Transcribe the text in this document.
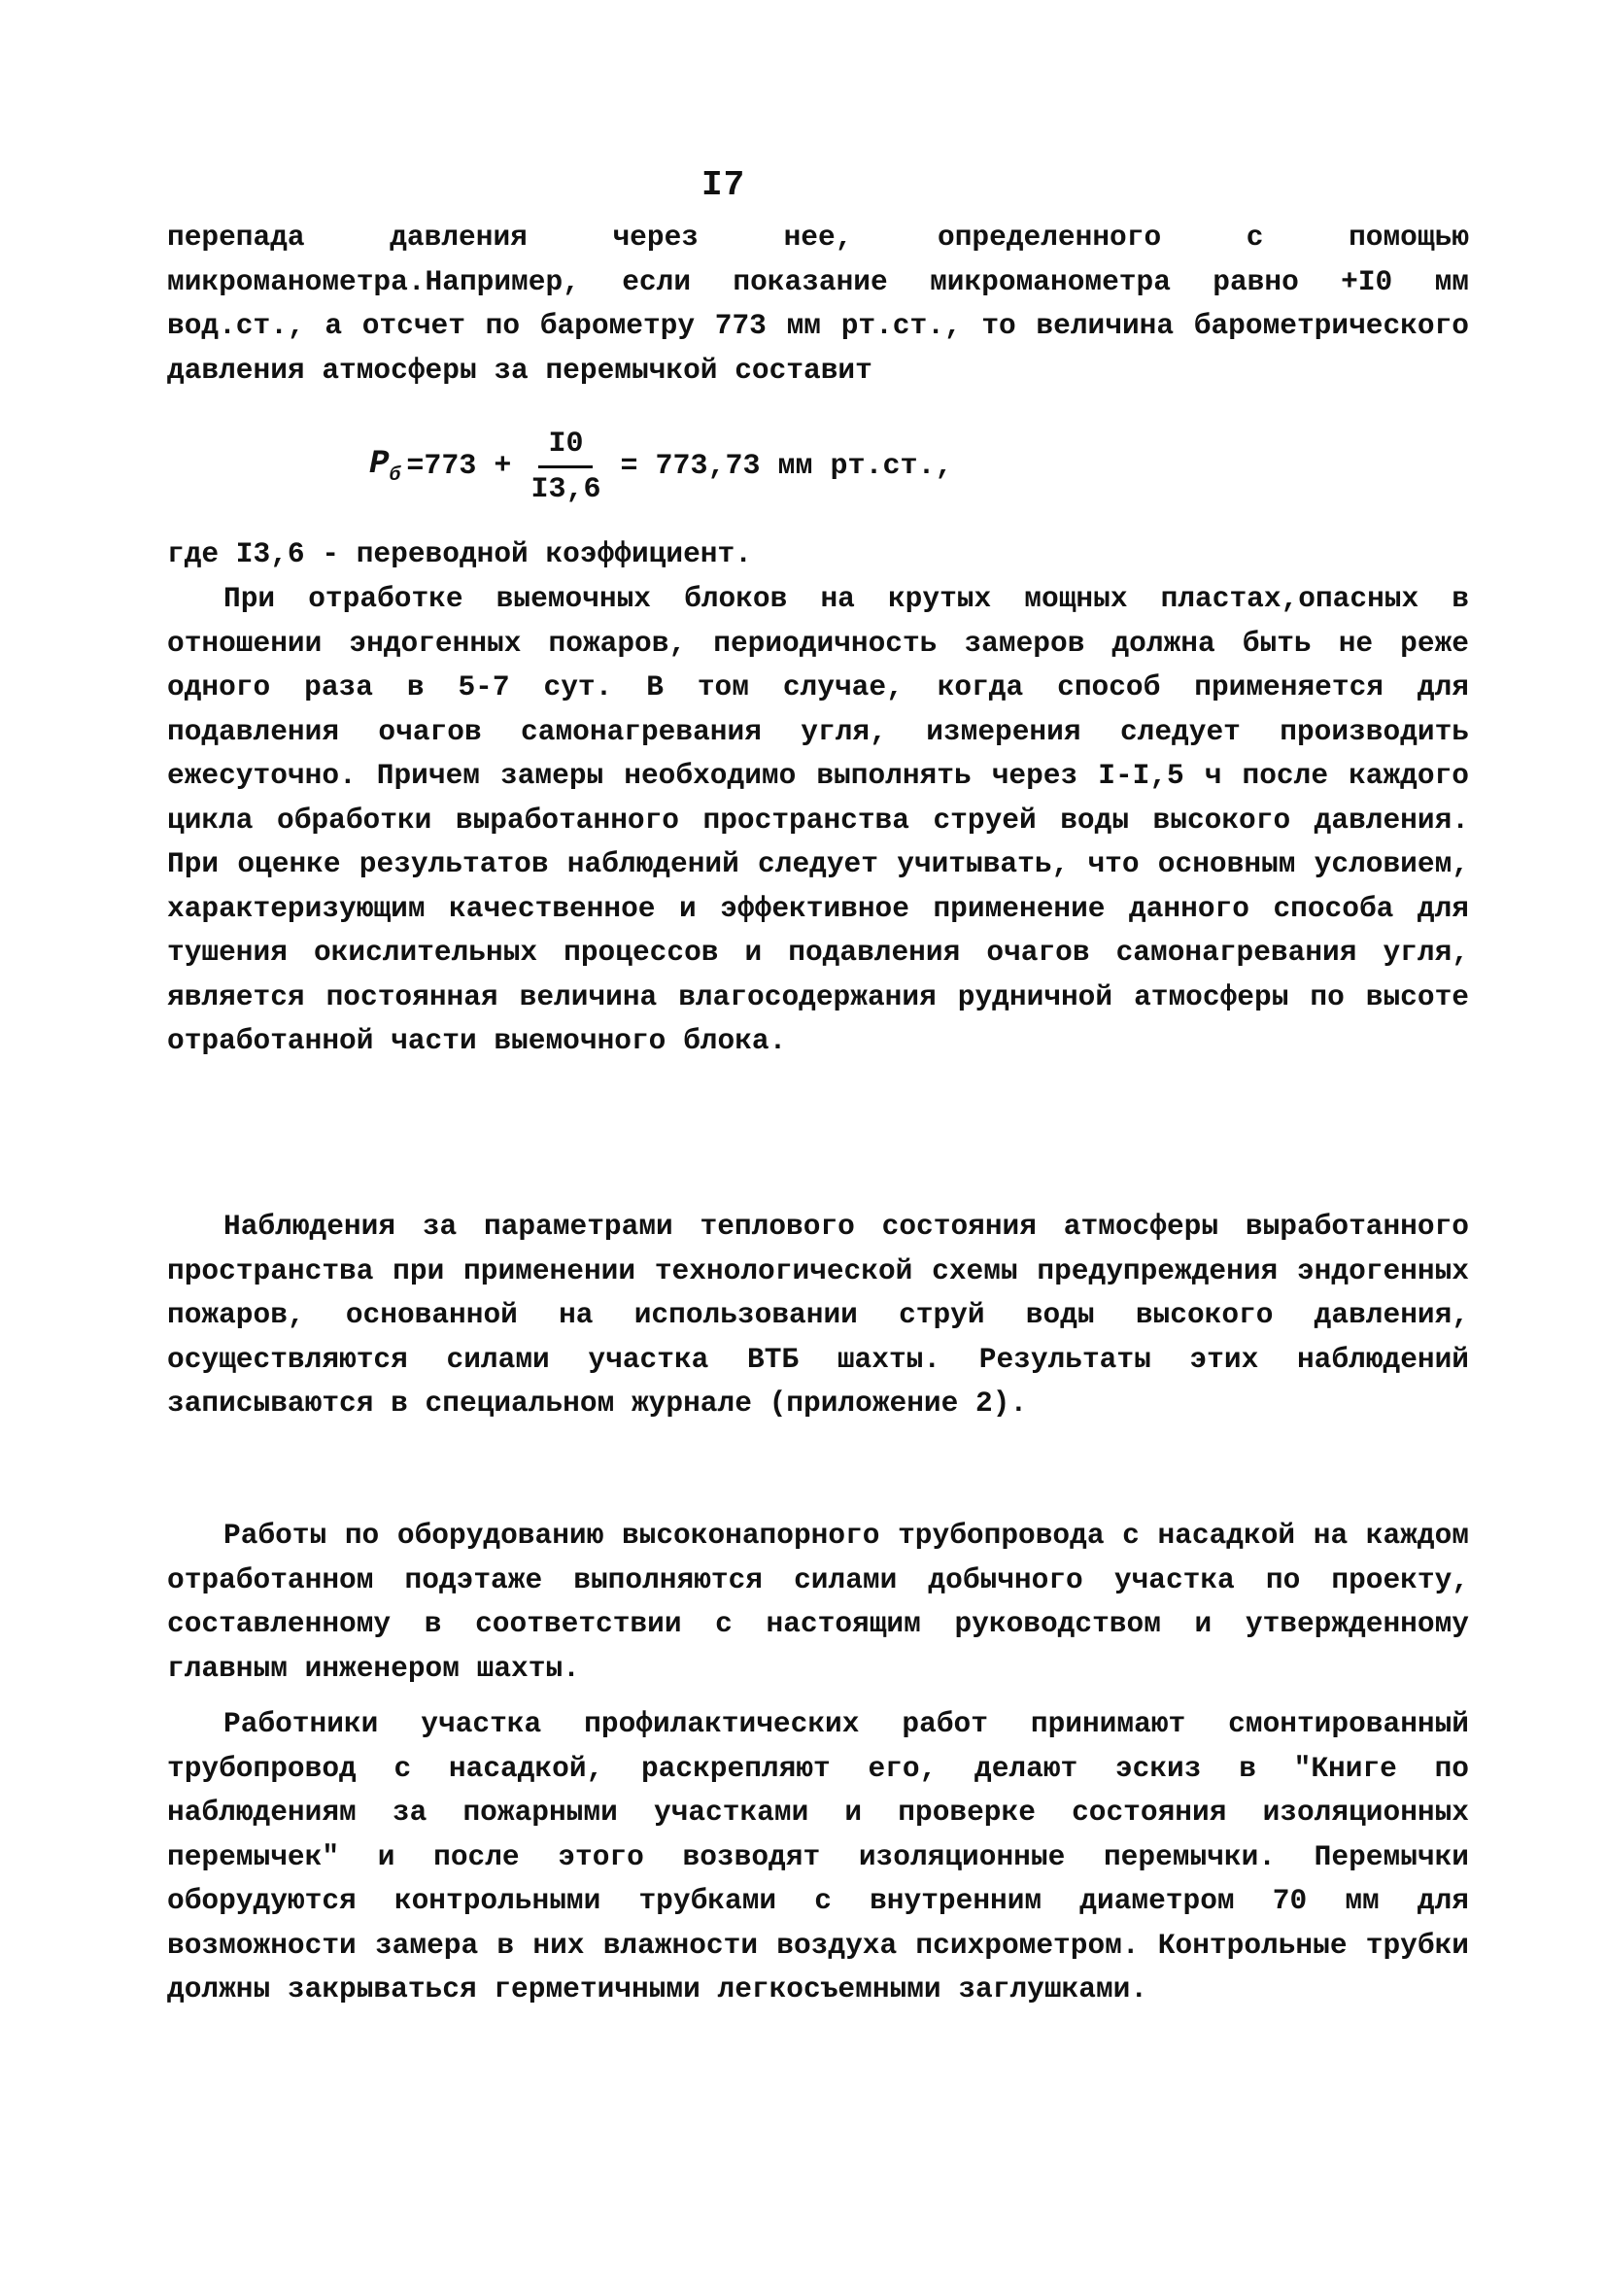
I7

перепада давления через нее, определенного с помощью микроманометра.Например, если показание микроманометра равно +I0 мм вод.ст., а отсчет по барометру 773 мм рт.ст., то величина барометрического давления атмосферы за перемычкой составит

$P_б =773 + \frac{I0}{I3,6} = 773,73$ мм рт.ст.,

где I3,6 - переводной коэффициент.

При отработке выемочных блоков на крутых мощных пластах,опасных в отношении эндогенных пожаров, периодичность замеров должна быть не реже одного раза в 5-7 сут. В том случае, когда способ применяется для подавления очагов самонагревания угля, измерения следует производить ежесуточно. Причем замеры необходимо выполнять через I-I,5 ч после каждого цикла обработки выработанного пространства струей воды высокого давления. При оценке результатов наблюдений следует учитывать, что основным условием, характеризующим качественное и эффективное применение данного способа для тушения окислительных процессов и подавления очагов самонагревания угля, является постоянная величина влагосодержания рудничной атмосферы по высоте отработанной части выемочного блока.

Наблюдения за параметрами теплового состояния атмосферы выработанного пространства при применении технологической схемы предупреждения эндогенных пожаров, основанной на использовании струй воды высокого давления, осуществляются силами участка ВТБ шахты. Результаты этих наблюдений записываются в специальном журнале (приложение 2).

Работы по оборудованию высоконапорного трубопровода с насадкой на каждом отработанном подэтаже выполняются силами добычного участка по проекту, составленному в соответствии с настоящим руководством и утвержденному главным инженером шахты.

Работники участка профилактических работ принимают смонтированный трубопровод с насадкой, раскрепляют его, делают эскиз в "Книге по наблюдениям за пожарными участками и проверке состояния изоляционных перемычек" и после этого возводят изоляционные перемычки. Перемычки оборудуются контрольными трубками с внутренним диаметром 70 мм для возможности замера в них влажности воздуха психрометром. Контрольные трубки должны закрываться герметичными легкосъемными заглушками.
